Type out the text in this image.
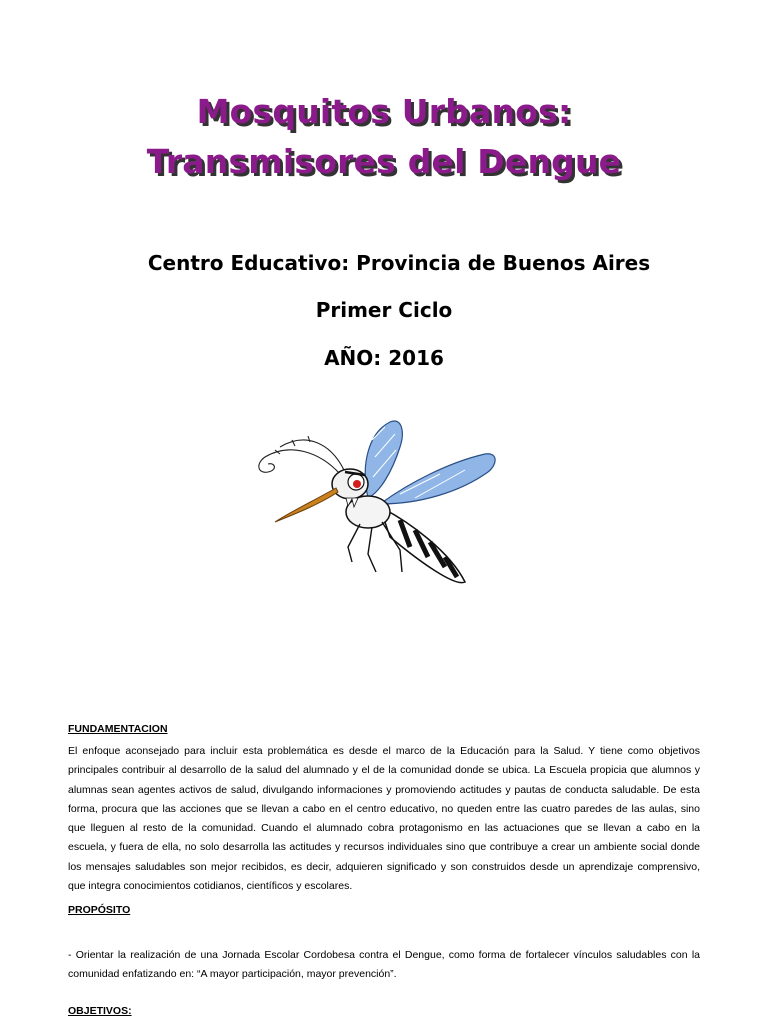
Mosquitos Urbanos:
Transmisores del Dengue

Centro Educativo: Provincia de Buenos Aires

Primer Ciclo

AÑO: 2016

FUNDAMENTACION

El enfoque aconsejado para incluir esta problemática es desde el marco de la Educación para la Salud. Y tiene como objetivos
principales contribuir al desarrollo de la salud del alumnado y el de la comunidad donde se ubica. La Escuela propicia que alumnos y
alumnas sean agentes activos de salud, divulgando informaciones y promoviendo actitudes y pautas de conducta saludable. De esta
forma, procura que las acciones que se llevan a cabo en el centro educativo, no queden entre las cuatro paredes de las aulas, sino
que lleguen al resto de la comunidad. Cuando el alumnado cobra protagonismo en las actuaciones que se llevan a cabo en la
escuela, y fuera de ella, no solo desarrolla las actitudes y recursos individuales sino que contribuye a crear un ambiente social donde
los mensajes saludables son mejor recibidos, es decir, adquieren significado y son construidos desde un aprendizaje comprensivo,
que integra conocimientos cotidianos, científicos y escolares.

PROPÓSITO

- Orientar la realización de una Jornada Escolar Cordobesa contra el Dengue, como forma de fortalecer vínculos saludables con la
comunidad enfatizando en: “A mayor participación, mayor prevención”.

OBJETIVOS:
